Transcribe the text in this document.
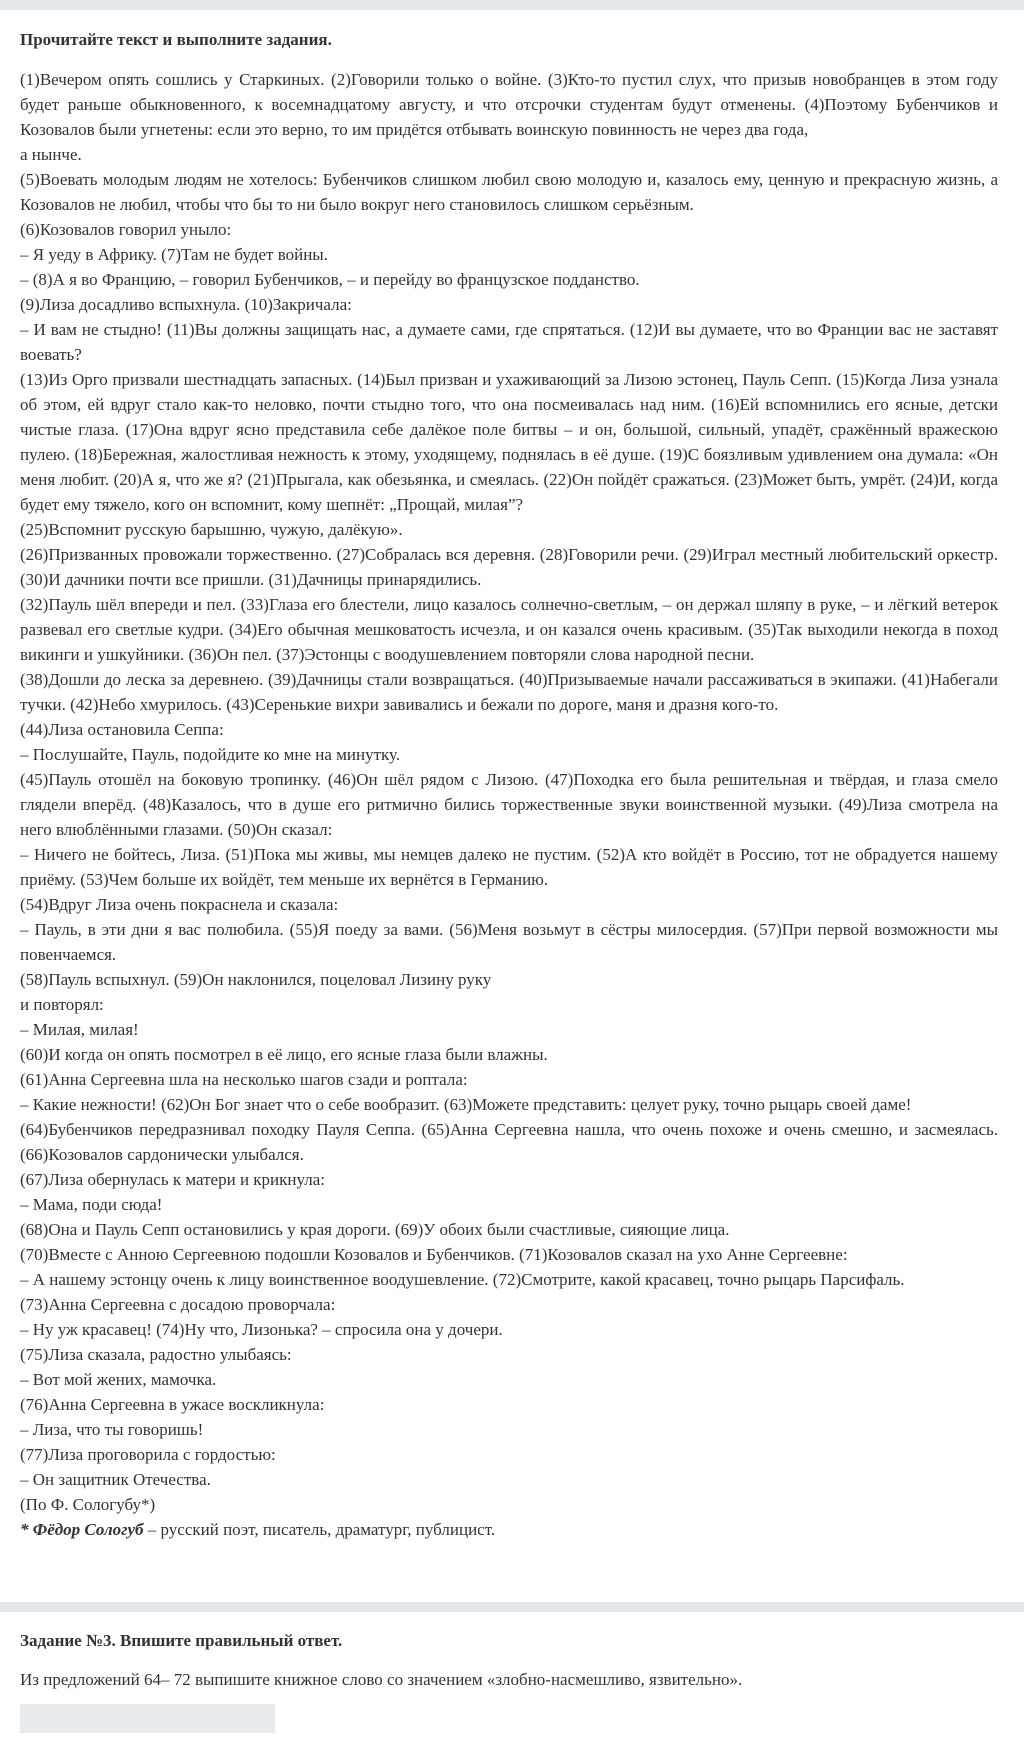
Прочитайте текст и выполните задания.
(1)Вечером опять сошлись у Старкиных. (2)Говорили только о войне. (3)Кто-то пустил слух, что призыв новобранцев в этом году будет раньше обыкновенного, к восемнадцатому августу, и что отсрочки студентам будут отменены. (4)Поэтому Бубенчиков и Козовалов были угнетены: если это верно, то им придётся отбывать воинскую повинность не через два года,
а нынче.
(5)Воевать молодым людям не хотелось: Бубенчиков слишком любил свою молодую и, казалось ему, ценную и прекрасную жизнь, а Козовалов не любил, чтобы что бы то ни было вокруг него становилось слишком серьёзным.
(6)Козовалов говорил уныло:
– Я уеду в Африку. (7)Там не будет войны.
– (8)А я во Францию, – говорил Бубенчиков, – и перейду во французское подданство.
(9)Лиза досадливо вспыхнула. (10)Закричала:
– И вам не стыдно! (11)Вы должны защищать нас, а думаете сами, где спрятаться. (12)И вы думаете, что во Франции вас не заставят воевать?
(13)Из Орго призвали шестнадцать запасных. (14)Был призван и ухаживающий за Лизою эстонец, Пауль Сепп. (15)Когда Лиза узнала об этом, ей вдруг стало как-то неловко, почти стыдно того, что она посмеивалась над ним. (16)Ей вспомнились его ясные, детски чистые глаза. (17)Она вдруг ясно представила себе далёкое поле битвы – и он, большой, сильный, упадёт, сражённый вражескою пулею. (18)Бережная, жалостливая нежность к этому, уходящему, поднялась в её душе. (19)С боязливым удивлением она думала: «Он меня любит. (20)А я, что же я? (21)Прыгала, как обезьянка, и смеялась. (22)Он пойдёт сражаться. (23)Может быть, умрёт. (24)И, когда будет ему тяжело, кого он вспомнит, кому шепнёт: „Прощай, милая”?
(25)Вспомнит русскую барышню, чужую, далёкую».
(26)Призванных провожали торжественно. (27)Собралась вся деревня. (28)Говорили речи. (29)Играл местный любительский оркестр. (30)И дачники почти все пришли. (31)Дачницы принарядились.
(32)Пауль шёл впереди и пел. (33)Глаза его блестели, лицо казалось солнечно-светлым, – он держал шляпу в руке, – и лёгкий ветерок развевал его светлые кудри. (34)Его обычная мешковатость исчезла, и он казался очень красивым. (35)Так выходили некогда в поход викинги и ушкуйники. (36)Он пел. (37)Эстонцы с воодушевлением повторяли слова народной песни.
(38)Дошли до леска за деревнею. (39)Дачницы стали возвращаться. (40)Призываемые начали рассаживаться в экипажи. (41)Набегали тучки. (42)Небо хмурилось. (43)Серенькие вихри завивались и бежали по дороге, маня и дразня кого-то.
(44)Лиза остановила Сеппа:
– Послушайте, Пауль, подойдите ко мне на минутку.
(45)Пауль отошёл на боковую тропинку. (46)Он шёл рядом с Лизою. (47)Походка его была решительная и твёрдая, и глаза смело глядели вперёд. (48)Казалось, что в душе его ритмично бились торжественные звуки воинственной музыки. (49)Лиза смотрела на него влюблёнными глазами. (50)Он сказал:
– Ничего не бойтесь, Лиза. (51)Пока мы живы, мы немцев далеко не пустим. (52)А кто войдёт в Россию, тот не обрадуется нашему приёму. (53)Чем больше их войдёт, тем меньше их вернётся в Германию.
(54)Вдруг Лиза очень покраснела и сказала:
– Пауль, в эти дни я вас полюбила. (55)Я поеду за вами. (56)Меня возьмут в сёстры милосердия. (57)При первой возможности мы повенчаемся.
(58)Пауль вспыхнул. (59)Он наклонился, поцеловал Лизину руку
и повторял:
– Милая, милая!
(60)И когда он опять посмотрел в её лицо, его ясные глаза были влажны.
(61)Анна Сергеевна шла на несколько шагов сзади и роптала:
– Какие нежности! (62)Он Бог знает что о себе вообразит. (63)Можете представить: целует руку, точно рыцарь своей даме!
(64)Бубенчиков передразнивал походку Пауля Сеппа. (65)Анна Сергеевна нашла, что очень похоже и очень смешно, и засмеялась. (66)Козовалов сардонически улыбался.
(67)Лиза обернулась к матери и крикнула:
– Мама, поди сюда!
(68)Она и Пауль Сепп остановились у края дороги. (69)У обоих были счастливые, сияющие лица.
(70)Вместе с Анною Сергеевною подошли Козовалов и Бубенчиков. (71)Козовалов сказал на ухо Анне Сергеевне:
– А нашему эстонцу очень к лицу воинственное воодушевление. (72)Смотрите, какой красавец, точно рыцарь Парсифаль.
(73)Анна Сергеевна с досадою проворчала:
– Ну уж красавец! (74)Ну что, Лизонька? – спросила она у дочери.
(75)Лиза сказала, радостно улыбаясь:
– Вот мой жених, мамочка.
(76)Анна Сергеевна в ужасе воскликнула:
– Лиза, что ты говоришь!
(77)Лиза проговорила с гордостью:
– Он защитник Отечества.
(По Ф. Сологубу*)
* Фёдор Сологуб – русский поэт, писатель, драматург, публицист.
Задание №3. Впишите правильный ответ.
Из предложений 64– 72 выпишите книжное слово со значением «злобно-насмешливо, язвительно».
